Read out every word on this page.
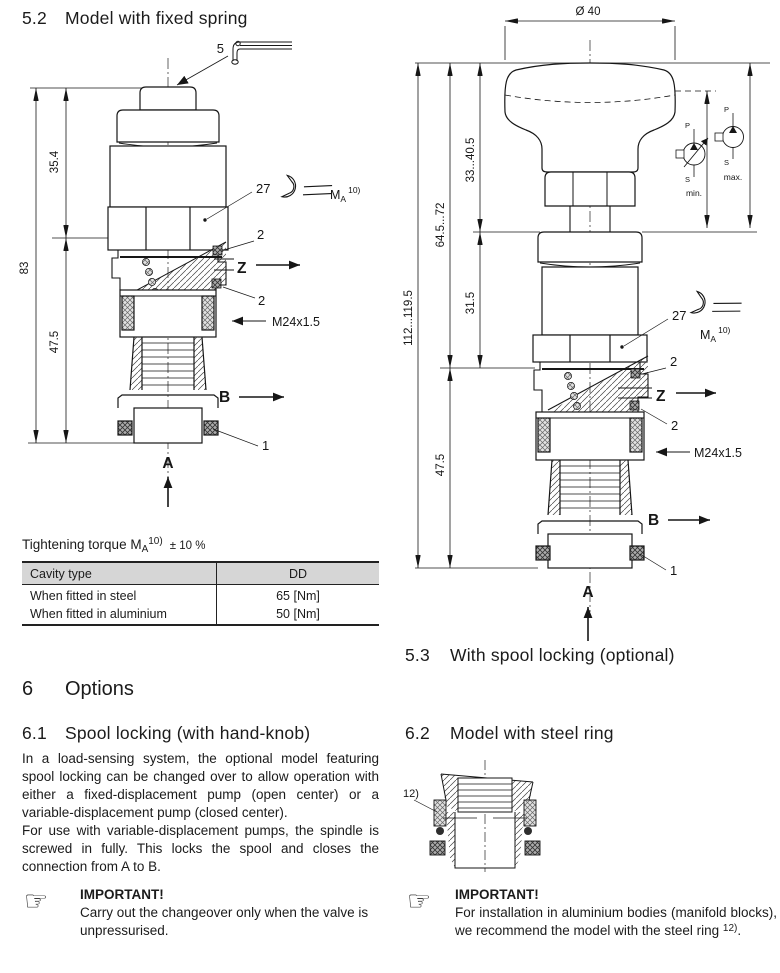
5.2	Model with fixed spring
5
27	$M_A^{10)}$
2
2
Z
M24x1.5
B
1
A
83
35.4
47.5
Tightening torque $M_A^{10)} \pm 10$ %
Cavity type	DD
When fitted in steel	65 [Nm]
When fitted in aluminium	50 [Nm]
Ø 40
27
$M_A^{10)}$
2
2
Z
M24x1.5
B
1
A
112...119.5
64.5...72
47.5
33...40.5
31.5
P
S
min.
P
S
max.
5.3	With spool locking (optional)
6	Options
6.1	Spool locking (with hand-knob)
In a load-sensing system, the optional model featuring spool locking can be changed over to allow operation with either a fixed-displacement pump (open center) or a variable-displacement pump (closed center).
For use with variable-displacement pumps, the spindle is screwed in fully. This locks the spool and closes the connection from A to B.
☞	IMPORTANT!
Carry out the changeover only when the valve is unpressurised.
6.2	Model with steel ring
12)
☞	IMPORTANT!
For installation in aluminium bodies (manifold blocks), we recommend the model with the steel ring $^{12)}$.
